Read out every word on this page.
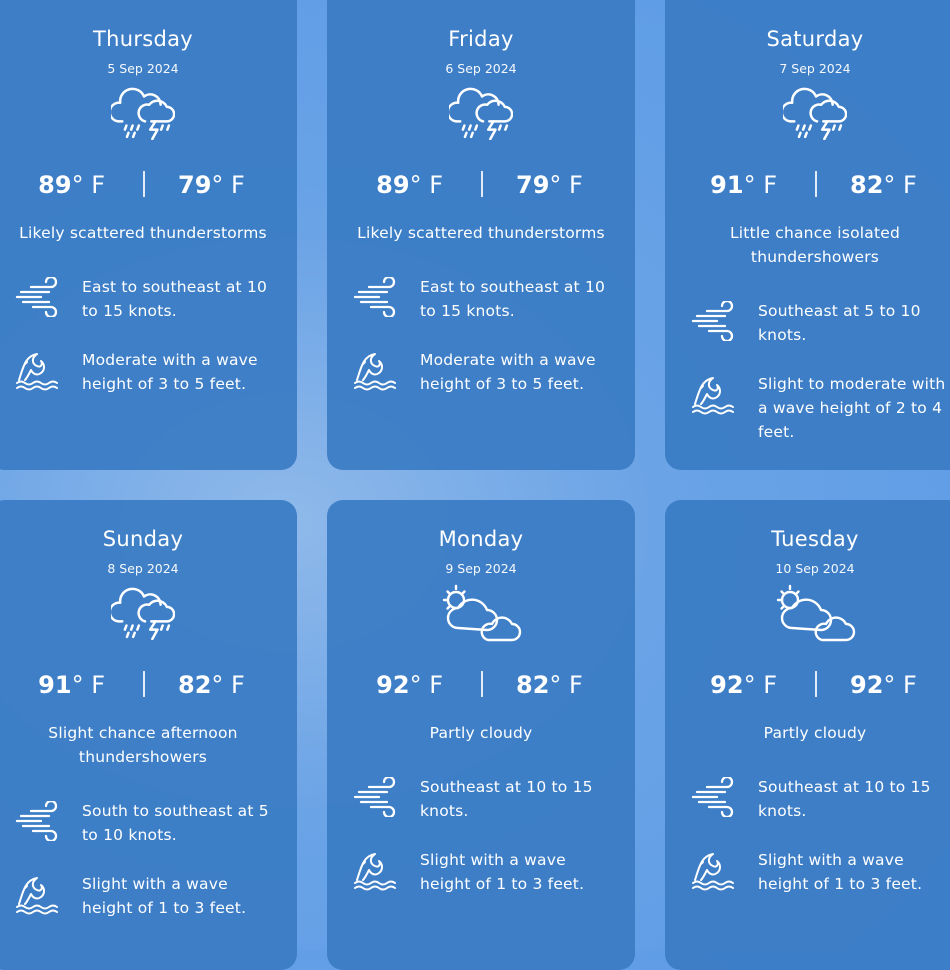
Thursday
5 Sep 2024
89° F	79° F
Likely scattered thunderstorms
East to southeast at 10 to 15 knots.
Moderate with a wave height of 3 to 5 feet.
Friday
6 Sep 2024
89° F	79° F
Likely scattered thunderstorms
East to southeast at 10 to 15 knots.
Moderate with a wave height of 3 to 5 feet.
Saturday
7 Sep 2024
91° F	82° F
Little chance isolated thundershowers
Southeast at 5 to 10 knots.
Slight to moderate with a wave height of 2 to 4 feet.
Sunday
8 Sep 2024
91° F	82° F
Slight chance afternoon thundershowers
South to southeast at 5 to 10 knots.
Slight with a wave height of 1 to 3 feet.
Monday
9 Sep 2024
92° F	82° F
Partly cloudy
Southeast at 10 to 15 knots.
Slight with a wave height of 1 to 3 feet.
Tuesday
10 Sep 2024
92° F	92° F
Partly cloudy
Southeast at 10 to 15 knots.
Slight with a wave height of 1 to 3 feet.
